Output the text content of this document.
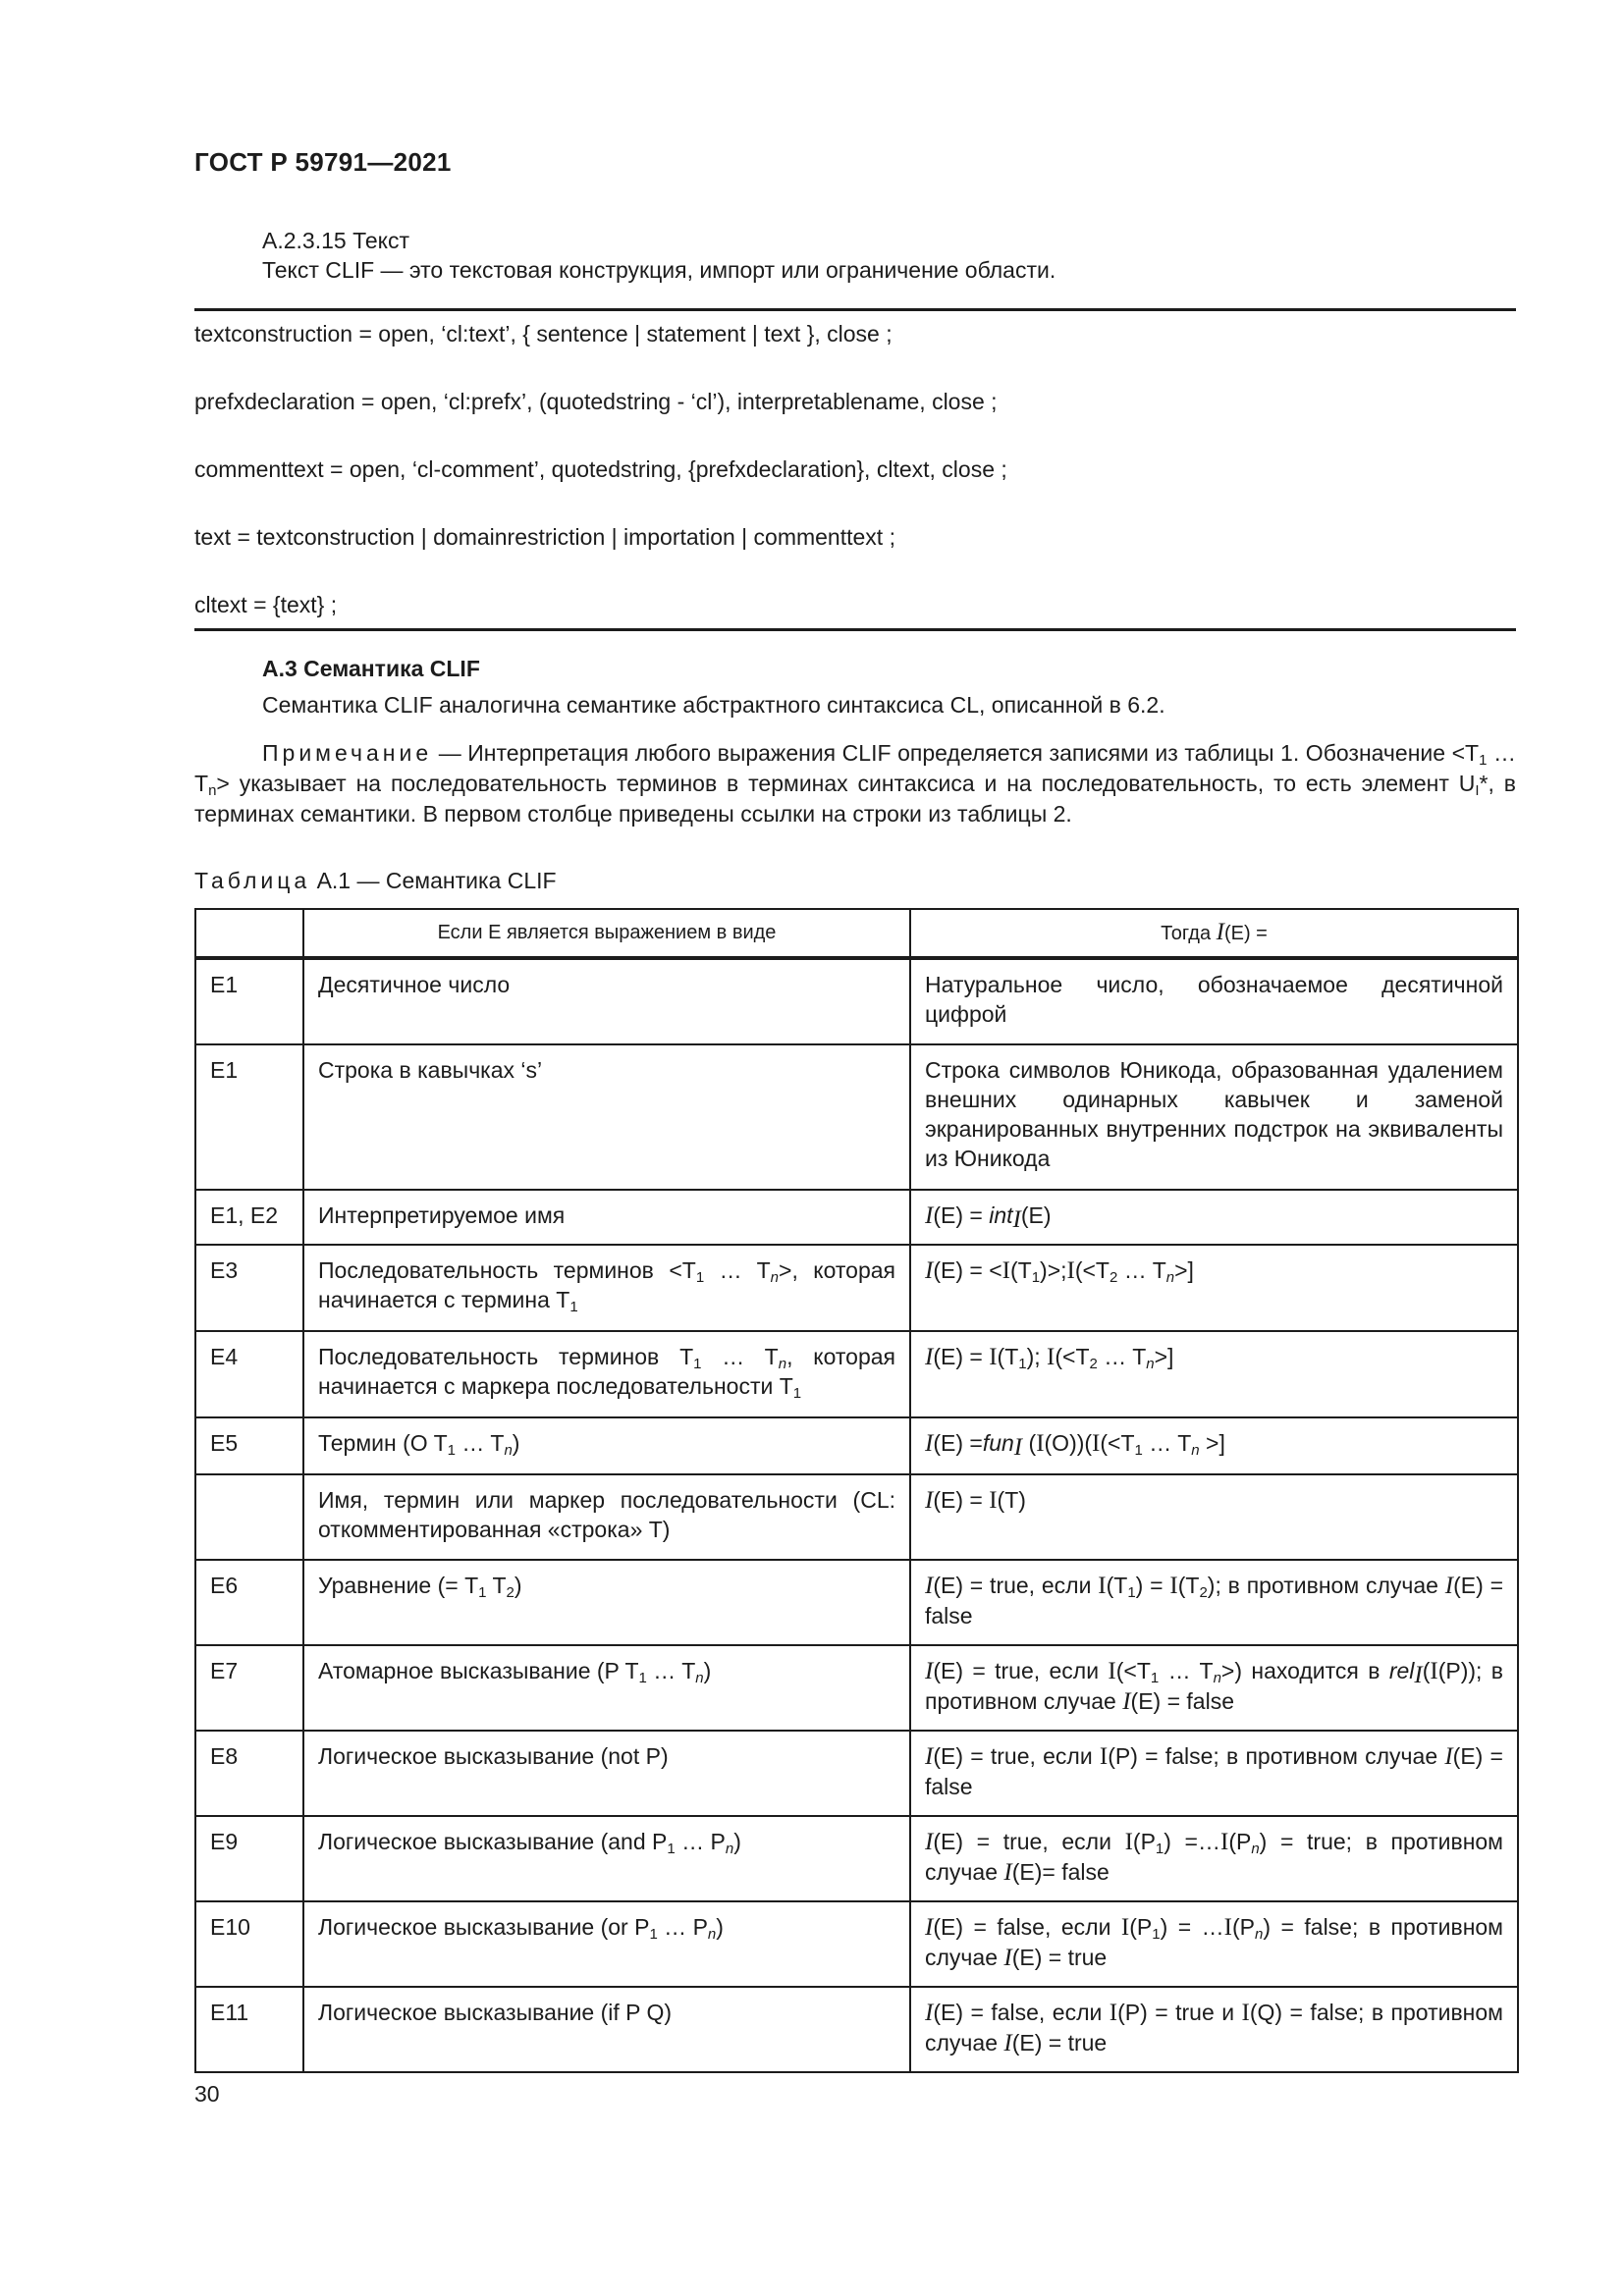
ГОСТ Р 59791—2021
А.2.3.15 Текст
Текст CLIF — это текстовая конструкция, импорт или ограничение области.
textconstruction = open, ‘cl:text’, { sentence | statement | text }, close ;
prefxdeclaration = open, ‘cl:prefx’, (quotedstring - ‘cl’), interpretablename, close ;
commenttext = open, ‘cl-comment’, quotedstring, {prefxdeclaration}, cltext, close ;
text = textconstruction | domainrestriction | importation | commenttext ;
cltext = {text} ;
А.3 Семантика CLIF
Семантика CLIF аналогична семантике абстрактного синтаксиса CL, описанной в 6.2.
Примечание — Интерпретация любого выражения CLIF определяется записями из таблицы 1. Обозначение $<T_1$ … $T_n>$ указывает на последовательность терминов в терминах синтаксиса и на последовательность, то есть элемент $U_I*$, в терминах семантики. В первом столбце приведены ссылки на строки из таблицы 2.
Таблица А.1 — Семантика CLIF
	Если E является выражением в виде	Тогда I(E) =
E1	Десятичное число	Натуральное число, обозначаемое десятичной цифрой
E1	Строка в кавычках ‘s’	Строка символов Юникода, образованная удалением внешних одинарных кавычек и заменой экранированных внутренних подстрок на эквиваленты из Юникода
E1, E2	Интерпретируемое имя	I(E) = int$_I$(E)
E3	Последовательность терминов $<T_1$ … $T_n>$, которая начинается с термина $T_1$	$I(E) = <I(T_1)>;I(<T_2$ … $T_n>$]
E4	Последовательность терминов $T_1$ … $T_n$, которая начинается с маркера последовательности $T_1$	$I(E) = I(T_1)$; $I(<T_2$ … $T_n>$]
E5	Термин (O $T_1$ … $T_n$)	I(E) =fun$_I$ $(I(O))(I(<T_1$ … $T_n$ >]
	Имя, термин или маркер последовательности (CL: откомментированная «строка» T)	I(E) = I(T)
E6	Уравнение (= $T_1$ $T_2$)	I(E) = true, если $I(T_1) = I(T_2)$; в противном случае I(E) = false
E7	Атомарное высказывание (P $T_1$ … $T_n$)	I(E) = true, если $I(<T_1$ … $T_n>$) находится в rel$_I$(I(P)); в противном случае I(E) = false
E8	Логическое высказывание (not P)	I(E) = true, если I(P) = false; в противном случае I(E) = false
E9	Логическое высказывание (and $P_1$ … $P_n$)	I(E) = true, если $I(P_1)$ $=\dots I(P_n)$ = true; в противном случае I(E)= false
E10	Логическое высказывание (or $P_1$ … $P_n$)	I(E) = false, если $I(P_1)$ = $\dots I(P_n)$ = false; в противном случае I(E) = true
E11	Логическое высказывание (if P Q)	I(E) = false, если I(P) = true и I(Q) = false; в противном случае I(E) = true
30
